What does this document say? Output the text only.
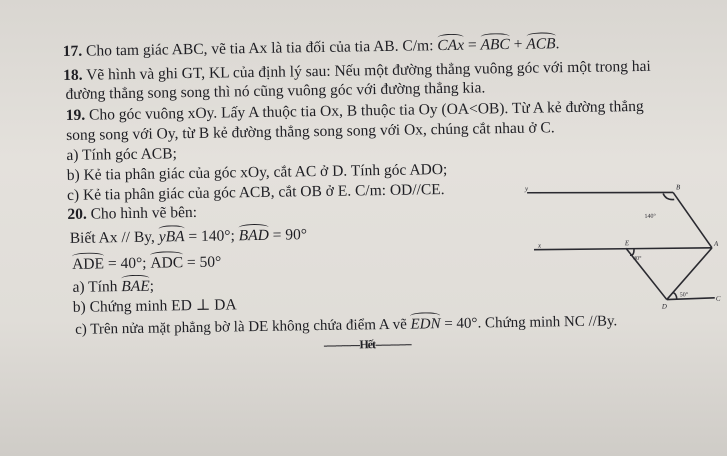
17. Cho tam giác ABC, vẽ tia Ax là tia đối của tia AB. C/m: CAx = ABC + ACB.
18. Vẽ hình và ghi GT, KL của định lý sau: Nếu một đường thẳng vuông góc với một trong hai
đường thẳng song song thì nó cũng vuông góc với đường thẳng kia.
19. Cho góc vuông xOy. Lấy A thuộc tia Ox, B thuộc tia Oy (OA<OB). Từ A kẻ đường thẳng
song song với Oy, từ B kẻ đường thẳng song song với Ox, chúng cắt nhau ở C.
a) Tính góc ACB;
b) Kẻ tia phân giác của góc xOy, cắt AC ở D. Tính góc ADO;
c) Kẻ tia phân giác của góc ACB, cắt OB ở E. C/m: OD//CE.
20. Cho hình vẽ bên:
Biết Ax // By, yBA = 140°; BAD = 90°
ADE = 40°; ADC = 50°
a) Tính BAE;
b) Chứng minh ED ⊥ DA
c) Trên nửa mặt phẳng bờ là DE không chứa điểm A vẽ EDN = 40°. Chứng minh NC //By.
------------Hết------------
y	B
140°
x	E	A
40°
50°
D
C
